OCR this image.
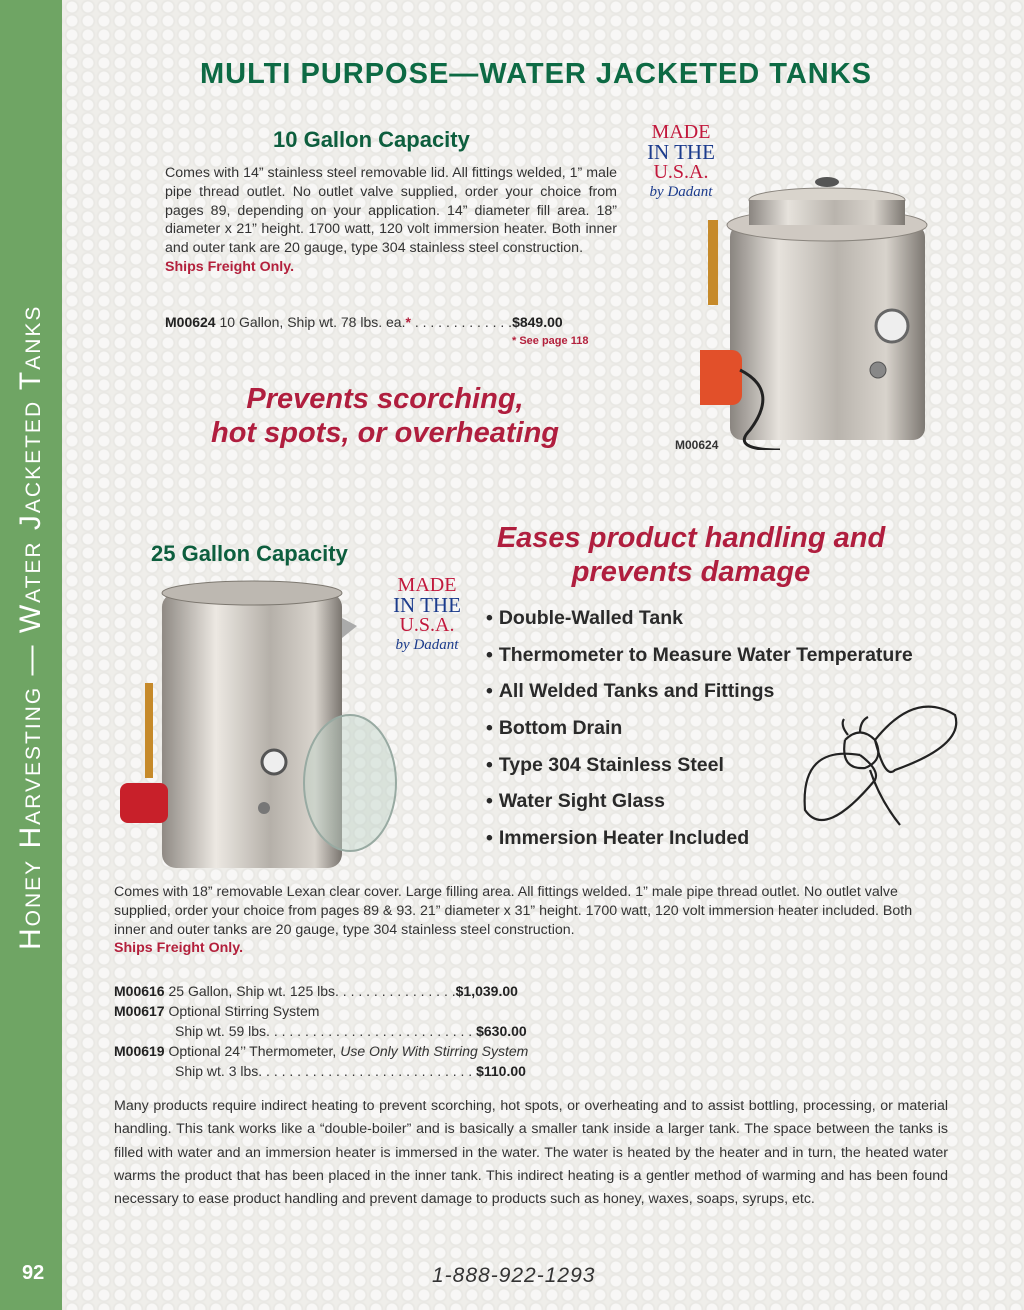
Honey Harvesting — Water Jacketed Tanks
92
MULTI PURPOSE—WATER JACKETED TANKS
10 Gallon Capacity
Comes with 14” stainless steel removable lid. All fittings welded, 1” male pipe thread outlet. No outlet valve supplied, order your choice from pages 89, depending on your application. 14” diameter fill area. 18” diameter x 21” height. 1700 watt, 120 volt immersion heater. Both inner and outer tank are 20 gauge, type 304 stainless steel construction.
Ships Freight Only.
M00624 10 Gallon, Ship wt. 78 lbs. ea.* . . . . . . . . . . . . .$849.00
* See page 118
MADE
IN THE
U.S.A.
by Dadant
M00624
Prevents scorching,
hot spots, or overheating
Eases product handling and
prevents damage
25 Gallon Capacity
MADE
IN THE
U.S.A.
by Dadant
• Double-Walled Tank
• Thermometer to Measure Water Temperature
• All Welded Tanks and Fittings
• Bottom Drain
• Type 304 Stainless Steel
• Water Sight Glass
• Immersion Heater Included
Comes with 18” removable Lexan clear cover. Large filling area. All fittings welded. 1” male pipe thread outlet. No outlet valve supplied, order your choice from pages 89 & 93. 21” diameter x 31” height. 1700 watt, 120 volt immersion heater included. Both inner and outer tanks are 20 gauge, type 304 stainless steel construction.
Ships Freight Only.
M00616 25 Gallon, Ship wt. 125 lbs. . . . . . . . . . . . . . . .$1,039.00
M00617 Optional Stirring System
Ship wt. 59 lbs. . . . . . . . . . . . . . . . . . . . . . . . . . . $630.00
M00619 Optional 24’’ Thermometer, Use Only With Stirring System
Ship wt. 3 lbs. . . . . . . . . . . . . . . . . . . . . . . . . . . . $110.00
Many products require indirect heating to prevent scorching, hot spots, or overheating and to assist bottling, processing, or material handling. This tank works like a “double-boiler” and is basically a smaller tank inside a larger tank. The space between the tanks is filled with water and an immersion heater is immersed in the water. The water is heated by the heater and in turn, the heated water warms the product that has been placed in the inner tank. This indirect heating is a gentler method of warming and has been found necessary to ease product handling and prevent damage to products such as honey, waxes, soaps, syrups, etc.
1-888-922-1293
